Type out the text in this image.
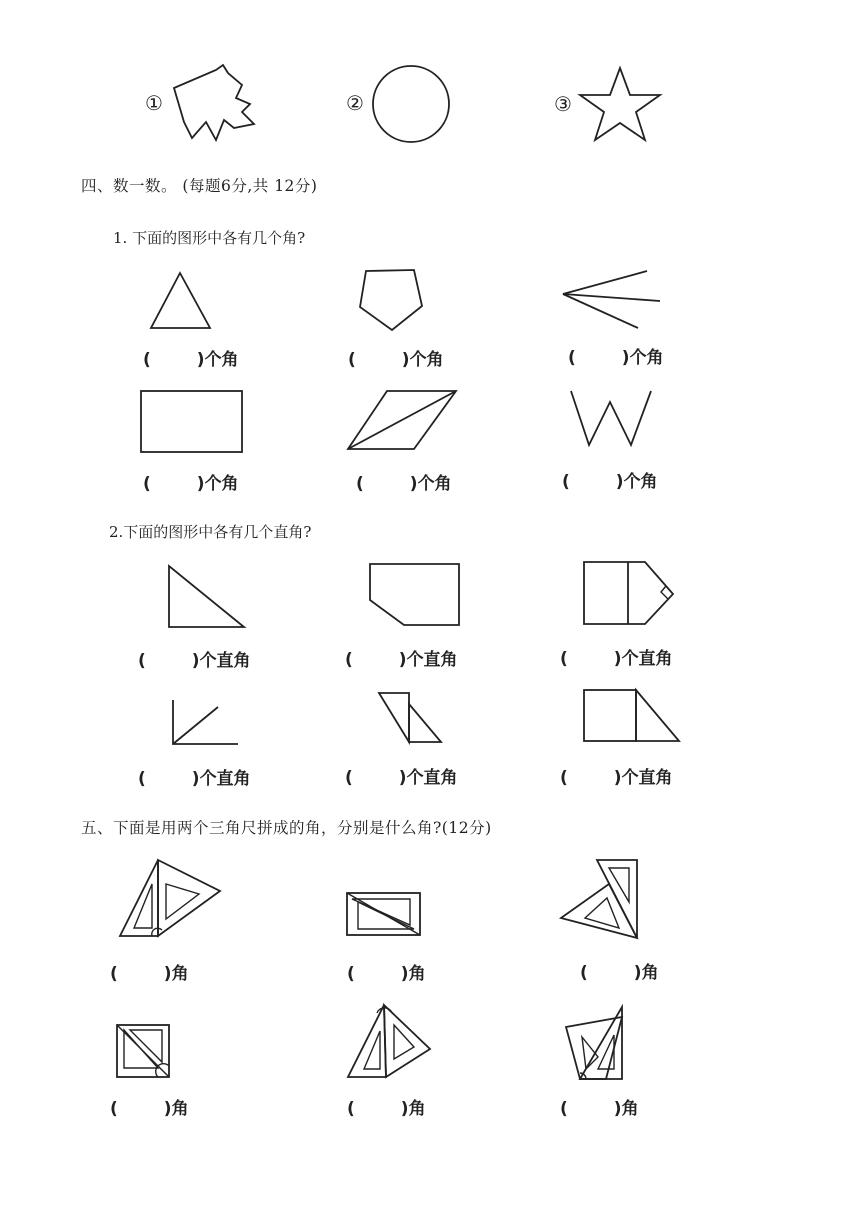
①	②	③
四、数一数。 (每题6分,共 12分)
1. 下面的图形中各有几个角?
(	)个角	(	)个角	(	)个角
(	)个角	(	)个角	(	)个角
2.下面的图形中各有几个直角?
(	)个直角	(	)个直角	(	)个直角
(	)个直角	(	)个直角	(	)个直角
五、下面是用两个三角尺拼成的角，分别是什么角?(12分)
(	)角	(	)角	(	)角
(	)角	(	)角	(	)角
